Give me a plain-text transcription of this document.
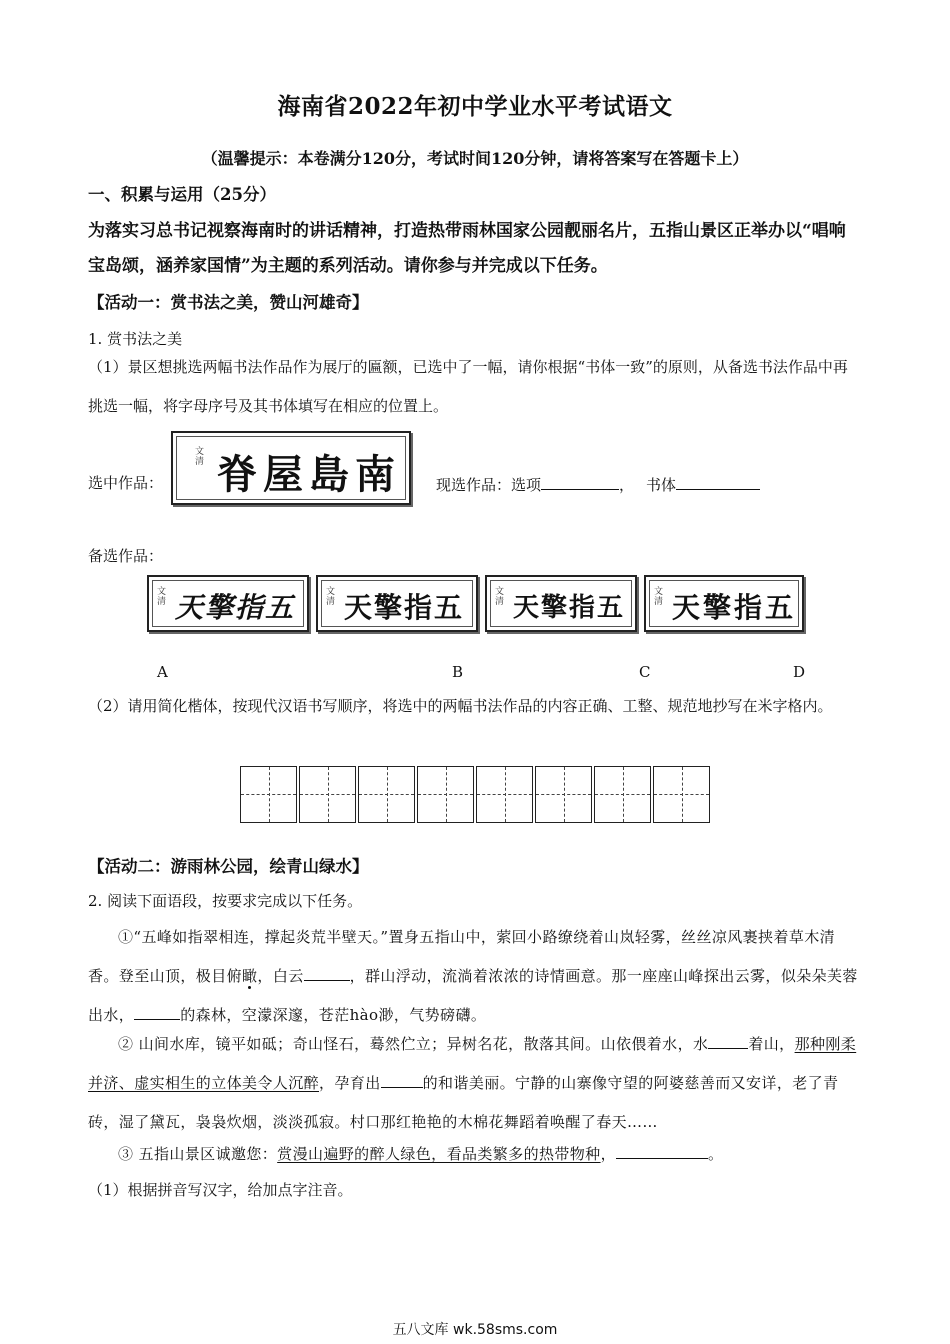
海南省2022年初中学业水平考试语文
（温馨提示：本卷满分120分，考试时间120分钟，请将答案写在答题卡上）
一、积累与运用（25分）
为落实习总书记视察海南时的讲话精神，打造热带雨林国家公园靓丽名片，五指山景区正举办以“唱响宝岛颂，涵养家国情”为主题的系列活动。请你参与并完成以下任务。
【活动一：赏书法之美，赞山河雄奇】
1. 赏书法之美
（1）景区想挑选两幅书法作品作为展厅的匾额，已选中了一幅，请你根据“书体一致”的原则，从备选书法作品中再挑选一幅，将字母序号及其书体填写在相应的位置上。
选中作品：
文清 脊屋島南 现选作品：选项	， 书体
备选作品：
文清 天擎指五	文清 天擎指五	文清 天擎指五
文清 天擎指五
A	B	C	D
（2）请用简化楷体，按现代汉语书写顺序，将选中的两幅书法作品的内容正确、工整、规范地抄写在米字格内。
【活动二：游雨林公园，绘青山绿水】
2. 阅读下面语段，按要求完成以下任务。
①“五峰如指翠相连，撑起炎荒半壁天。”置身五指山中，萦回小路缭绕着山岚轻雾，丝丝凉风裹挟着草木清香。登至山顶，极目俯瞰，白云	，群山浮动，流淌着浓浓的诗情画意。那一座座山峰探出云雾，似朵朵芙蓉出水，	的森林，空濛深邃，苍茫hào渺，气势磅礴。
② 山间水库，镜平如砥；奇山怪石，蓦然伫立；异树名花，散落其间。山依偎着水，水	着山，那种刚柔并济、虚实相生的立体美令人沉醉，孕育出	的和谐美丽。宁静的山寨像守望的阿婆慈善而又安详，老了青砖，湿了黛瓦，袅袅炊烟，淡淡孤寂。村口那红艳艳的木棉花舞蹈着唤醒了春天……
③ 五指山景区诚邀您：赏漫山遍野的醉人绿色，看品类繁多的热带物种，	。
（1）根据拼音写汉字，给加点字注音。
五八文库 wk.58sms.com
